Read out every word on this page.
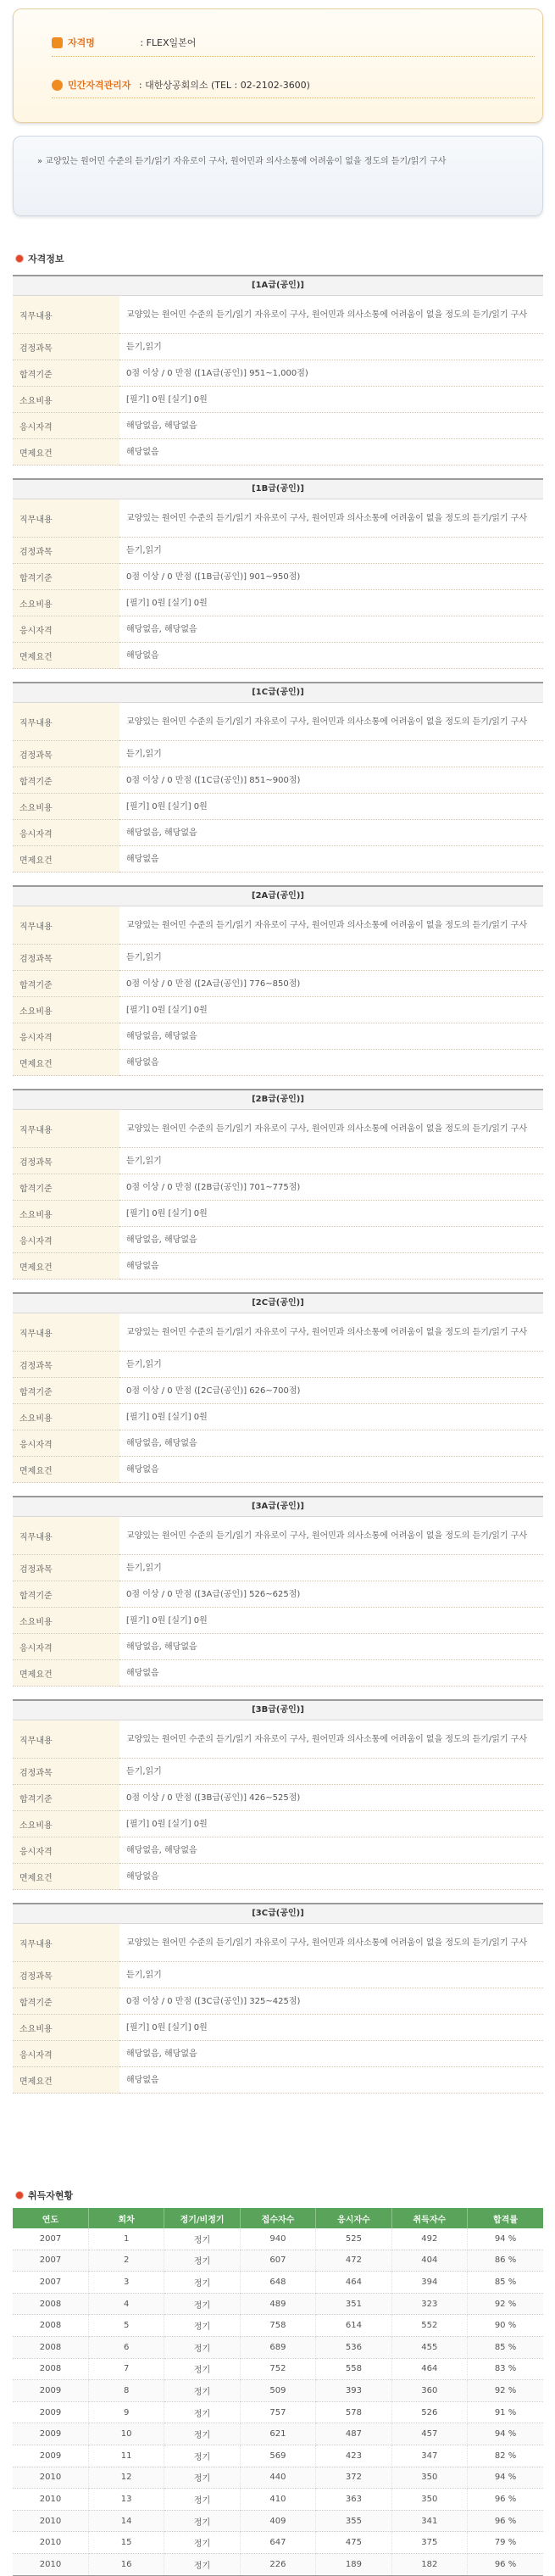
자격명	: FLEX일본어
민간자격관리자 : 대한상공회의소 (TEL : 02-2102-3600)
» 교양있는 원어민 수준의 듣기/읽기 자유로이 구사, 원어민과 의사소통에 어려움이 없을 정도의 듣기/읽기 구사
자격정보
[1A급(공인)]
직무내용	교양있는 원어민 수준의 듣기/읽기 자유로이 구사, 원어민과 의사소통에 어려움이 없을 정도의 듣기/읽기 구사
검정과목	듣기,읽기
합격기준	0점 이상 / 0 만점 ([1A급(공인)] 951~1,000점)
소요비용	[필기] 0원 [실기] 0원
응시자격	해당없음, 해당없음
면제요건	해당없음
[1B급(공인)]
직무내용	교양있는 원어민 수준의 듣기/읽기 자유로이 구사, 원어민과 의사소통에 어려움이 없을 정도의 듣기/읽기 구사
검정과목	듣기,읽기
합격기준	0점 이상 / 0 만점 ([1B급(공인)] 901~950점)
소요비용	[필기] 0원 [실기] 0원
응시자격	해당없음, 해당없음
면제요건	해당없음
[1C급(공인)]
직무내용	교양있는 원어민 수준의 듣기/읽기 자유로이 구사, 원어민과 의사소통에 어려움이 없을 정도의 듣기/읽기 구사
검정과목	듣기,읽기
합격기준	0점 이상 / 0 만점 ([1C급(공인)] 851~900점)
소요비용	[필기] 0원 [실기] 0원
응시자격	해당없음, 해당없음
면제요건	해당없음
[2A급(공인)]
직무내용	교양있는 원어민 수준의 듣기/읽기 자유로이 구사, 원어민과 의사소통에 어려움이 없을 정도의 듣기/읽기 구사
검정과목	듣기,읽기
합격기준	0점 이상 / 0 만점 ([2A급(공인)] 776~850점)
소요비용	[필기] 0원 [실기] 0원
응시자격	해당없음, 해당없음
면제요건	해당없음
[2B급(공인)]
직무내용	교양있는 원어민 수준의 듣기/읽기 자유로이 구사, 원어민과 의사소통에 어려움이 없을 정도의 듣기/읽기 구사
검정과목	듣기,읽기
합격기준	0점 이상 / 0 만점 ([2B급(공인)] 701~775점)
소요비용	[필기] 0원 [실기] 0원
응시자격	해당없음, 해당없음
면제요건	해당없음
[2C급(공인)]
직무내용	교양있는 원어민 수준의 듣기/읽기 자유로이 구사, 원어민과 의사소통에 어려움이 없을 정도의 듣기/읽기 구사
검정과목	듣기,읽기
합격기준	0점 이상 / 0 만점 ([2C급(공인)] 626~700점)
소요비용	[필기] 0원 [실기] 0원
응시자격	해당없음, 해당없음
면제요건	해당없음
[3A급(공인)]
직무내용	교양있는 원어민 수준의 듣기/읽기 자유로이 구사, 원어민과 의사소통에 어려움이 없을 정도의 듣기/읽기 구사
검정과목	듣기,읽기
합격기준	0점 이상 / 0 만점 ([3A급(공인)] 526~625점)
소요비용	[필기] 0원 [실기] 0원
응시자격	해당없음, 해당없음
면제요건	해당없음
[3B급(공인)]
직무내용	교양있는 원어민 수준의 듣기/읽기 자유로이 구사, 원어민과 의사소통에 어려움이 없을 정도의 듣기/읽기 구사
검정과목	듣기,읽기
합격기준	0점 이상 / 0 만점 ([3B급(공인)] 426~525점)
소요비용	[필기] 0원 [실기] 0원
응시자격	해당없음, 해당없음
면제요건	해당없음
[3C급(공인)]
직무내용	교양있는 원어민 수준의 듣기/읽기 자유로이 구사, 원어민과 의사소통에 어려움이 없을 정도의 듣기/읽기 구사
검정과목	듣기,읽기
합격기준	0점 이상 / 0 만점 ([3C급(공인)] 325~425점)
소요비용	[필기] 0원 [실기] 0원
응시자격	해당없음, 해당없음
면제요건	해당없음
취득자현황
연도	회차	정기/비정기	접수자수	응시자수	취득자수	합격률
2007	1	정기	940	525	492	94 %
2007	2	정기	607	472	404	86 %
2007	3	정기	648	464	394	85 %
2008	4	정기	489	351	323	92 %
2008	5	정기	758	614	552	90 %
2008	6	정기	689	536	455	85 %
2008	7	정기	752	558	464	83 %
2009	8	정기	509	393	360	92 %
2009	9	정기	757	578	526	91 %
2009	10	정기	621	487	457	94 %
2009	11	정기	569	423	347	82 %
2010	12	정기	440	372	350	94 %
2010	13	정기	410	363	350	96 %
2010	14	정기	409	355	341	96 %
2010	15	정기	647	475	375	79 %
2010	16	정기	226	189	182	96 %
